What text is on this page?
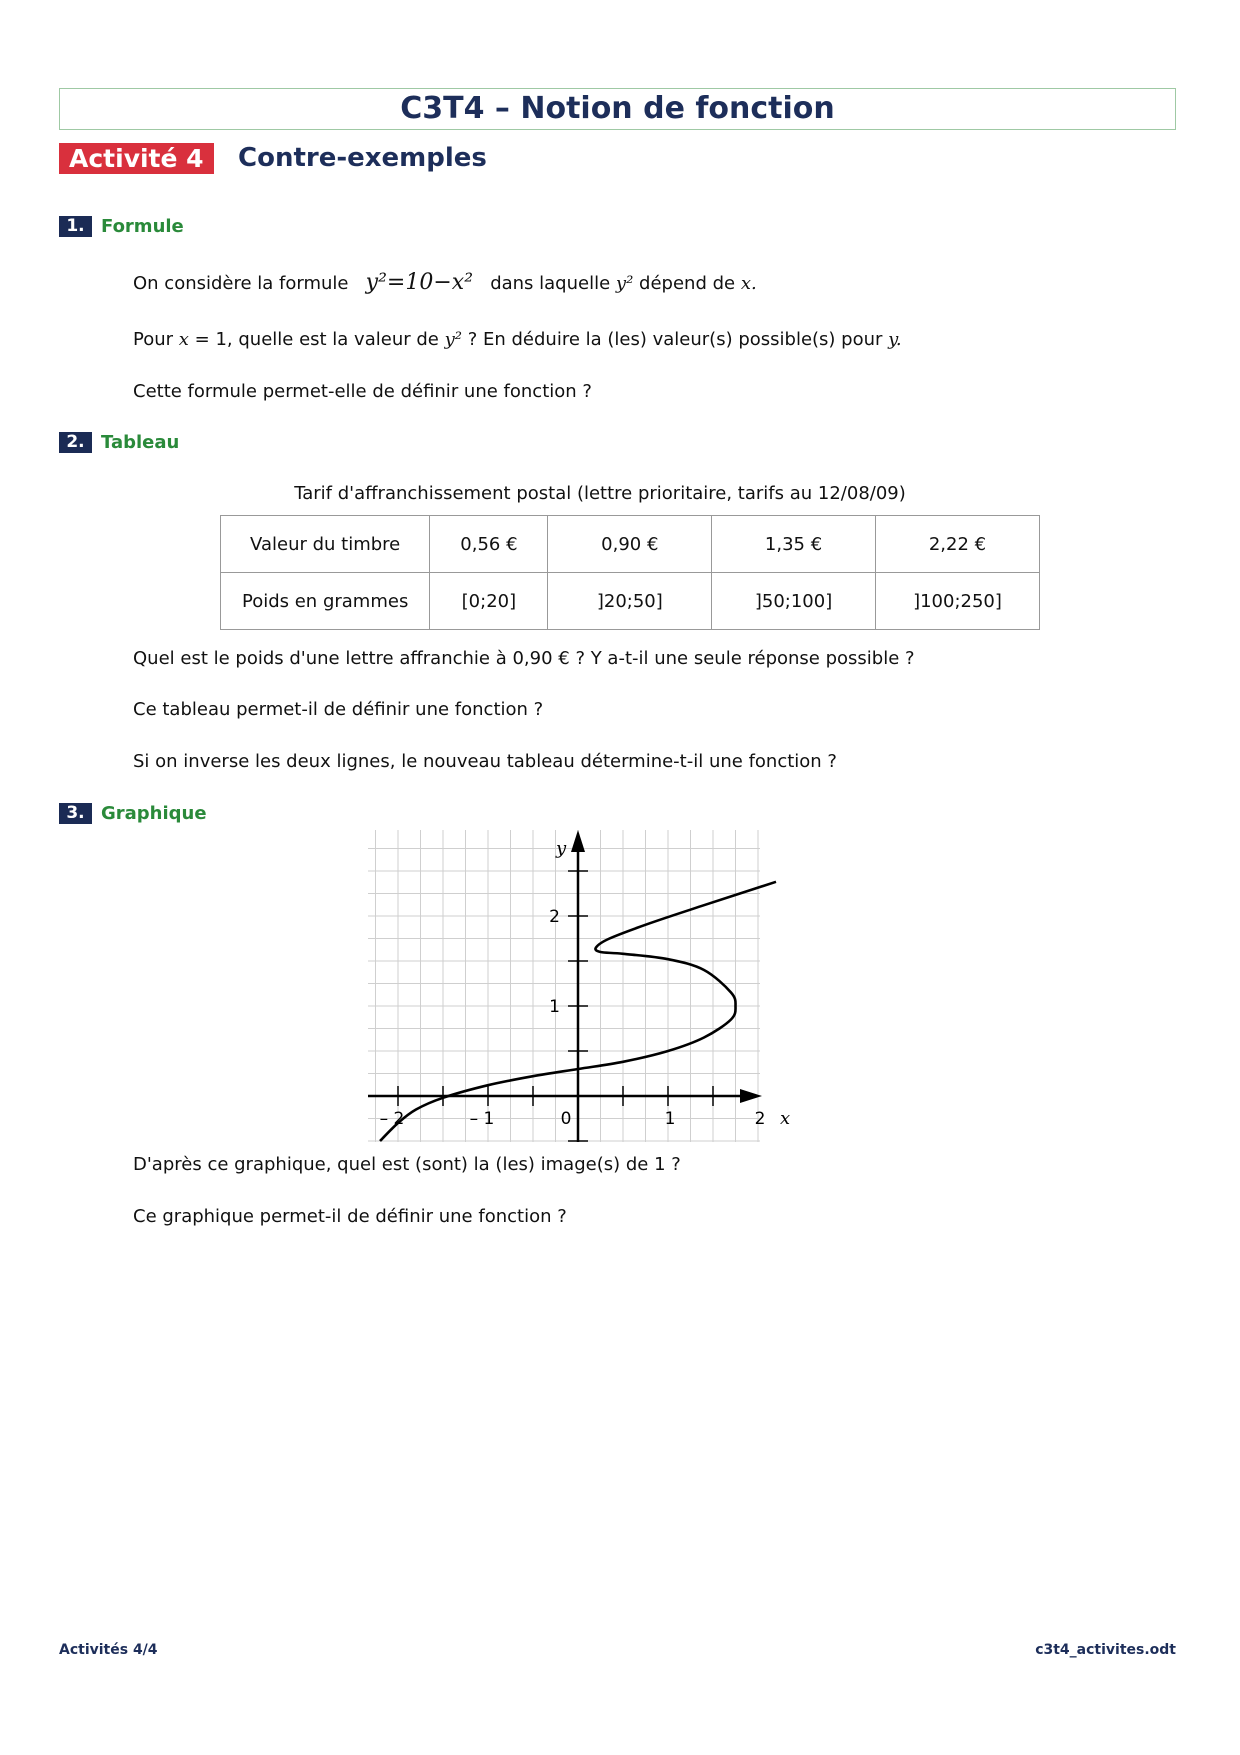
C3T4 – Notion de fonction
Activité 4	Contre-exemples
1. Formule
On considère la formule y²=10−x² dans laquelle y² dépend de x.
Pour x = 1, quelle est la valeur de y² ? En déduire la (les) valeur(s) possible(s) pour y.
Cette formule permet-elle de définir une fonction ?
2. Tableau
Tarif d'affranchissement postal (lettre prioritaire, tarifs au 12/08/09)
Valeur du timbre	0,56 €	0,90 €	1,35 €	2,22 €
Poids en grammes	[0;20]	]20;50]	]50;100]	]100;250]
Quel est le poids d'une lettre affranchie à 0,90 € ? Y a-t-il une seule réponse possible ?
Ce tableau permet-il de définir une fonction ?
Si on inverse les deux lignes, le nouveau tableau détermine-t-il une fonction ?
3. Graphique
– 2	– 1	0	1	2
1
2
x
y
D'après ce graphique, quel est (sont) la (les) image(s) de 1 ?
Ce graphique permet-il de définir une fonction ?
Activités 4/4	c3t4_activites.odt
